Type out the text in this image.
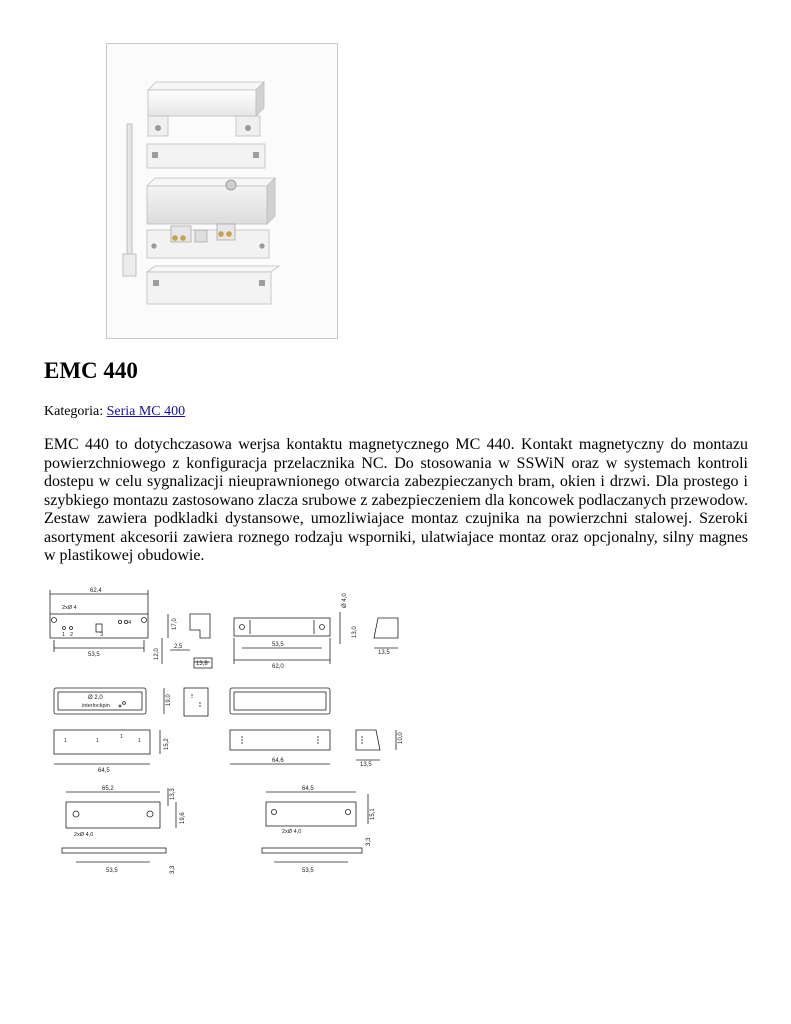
EMC 440
Kategoria: Seria MC 400

EMC 440 to dotychczasowa werjsa kontaktu magnetycznego MC 440. Kontakt magnetyczny do montazu powierzchniowego z konfiguracja przelacznika NC. Do stosowania w SSWiN oraz w systemach kontroli dostepu w celu sygnalizacji nieuprawnionego otwarcia zabezpieczanych bram, okien i drzwi. Dla prostego i szybkiego montazu zastosowano zlacza srubowe z zabezpieczeniem dla koncowek podlaczanych przewodow. Zestaw zawiera podkladki dystansowe, umozliwiajace montaz czujnika na powierzchni stalowej. Szeroki asortyment akcesorii zawiera roznego rodzaju wsporniki, ulatwiajace montaz oraz opcjonalny, silny magnes w plastikowej obudowie.

62,4
2xØ 4
1 2	3
4
53,5
17,0
12,0
2,5
13,8
Ø 4,0
13,0
53,5
62,0
13,5
Ø 2,0
interlockpin	19,0
1	1
1
1	15,2
64,5
64,6
10,0
13,5
65,2
2xØ 4,0
13,3
19,6
53,5	3,3
64,5
2xØ 4,0
15,1
3,3
53,5
